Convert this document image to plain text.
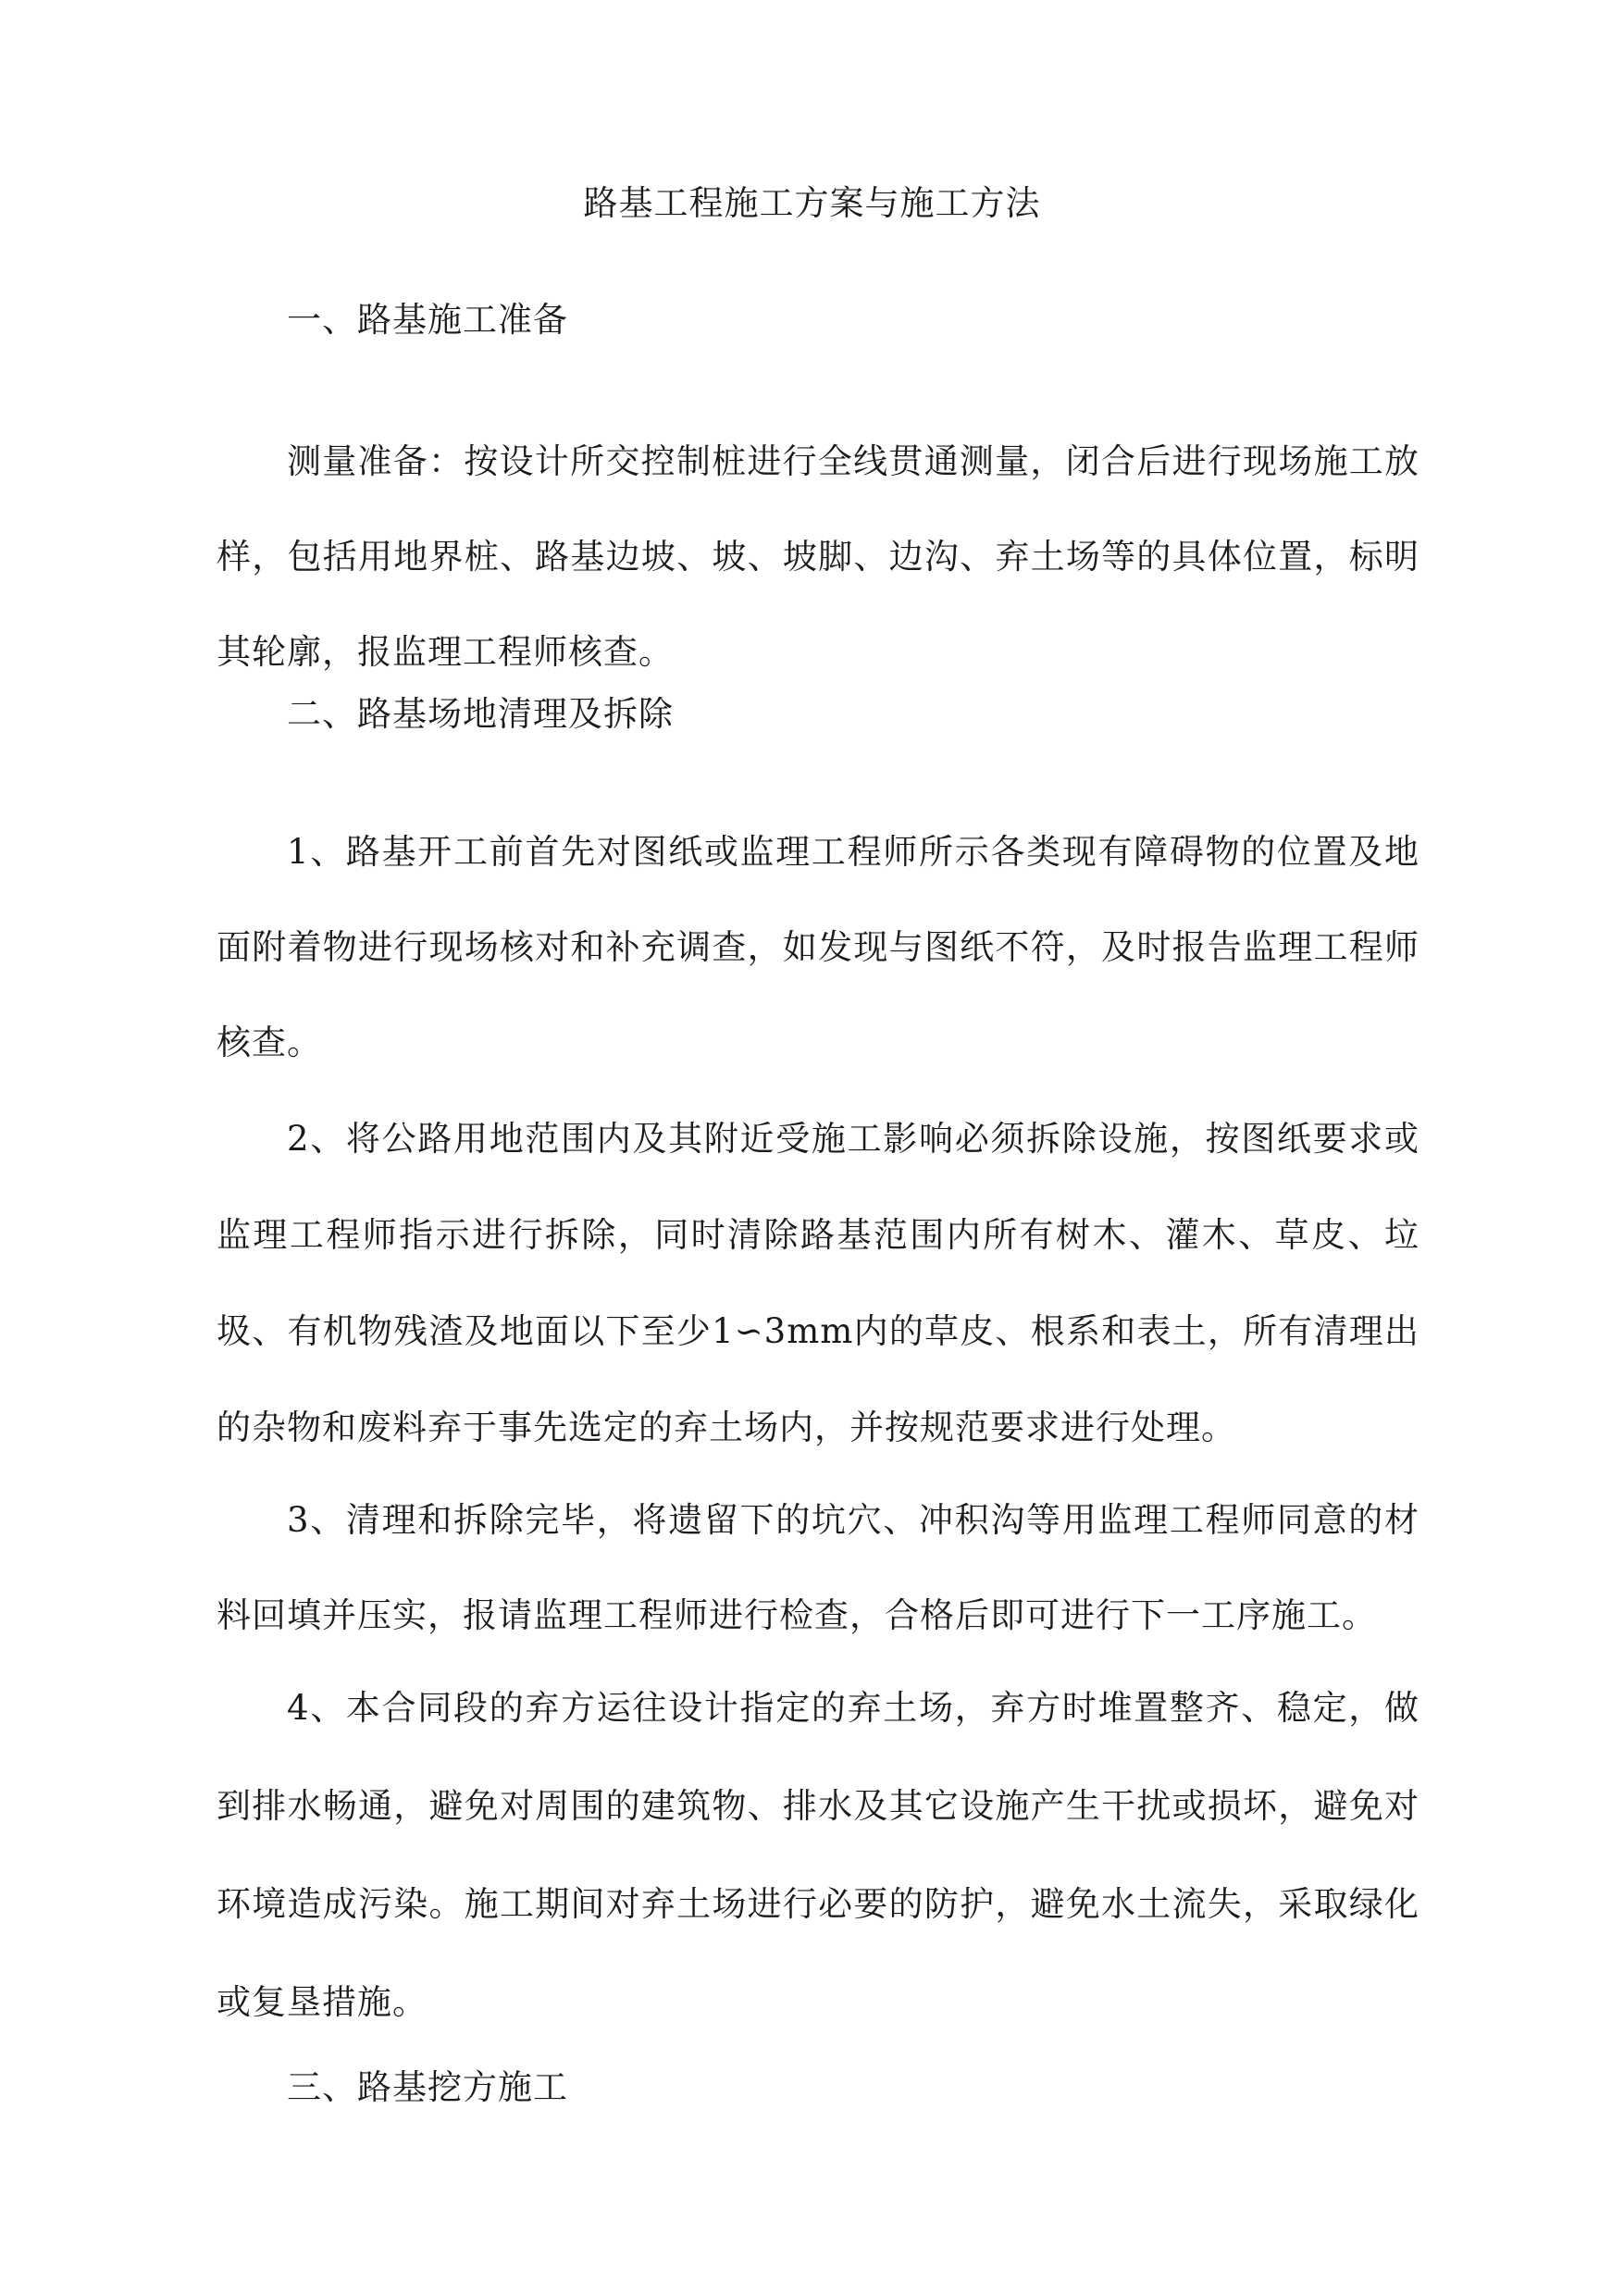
路基工程施工方案与施工方法
一、路基施工准备

测量准备：按设计所交控制桩进行全线贯通测量，闭合后进行现场施工放样，包括用地界桩、路基边坡、坡、坡脚、边沟、弃土场等的具体位置，标明其轮廓，报监理工程师核查。

二、路基场地清理及拆除

1、路基开工前首先对图纸或监理工程师所示各类现有障碍物的位置及地面附着物进行现场核对和补充调查，如发现与图纸不符，及时报告监理工程师核查。

2、将公路用地范围内及其附近受施工影响必须拆除设施，按图纸要求或监理工程师指示进行拆除，同时清除路基范围内所有树木、灌木、草皮、垃圾、有机物残渣及地面以下至少1∽3mm内的草皮、根系和表土，所有清理出的杂物和废料弃于事先选定的弃土场内，并按规范要求进行处理。

3、清理和拆除完毕，将遗留下的坑穴、冲积沟等用监理工程师同意的材料回填并压实，报请监理工程师进行检查，合格后即可进行下一工序施工。

4、本合同段的弃方运往设计指定的弃土场，弃方时堆置整齐、稳定，做到排水畅通，避免对周围的建筑物、排水及其它设施产生干扰或损坏，避免对环境造成污染。施工期间对弃土场进行必要的防护，避免水土流失，采取绿化或复垦措施。

三、路基挖方施工
